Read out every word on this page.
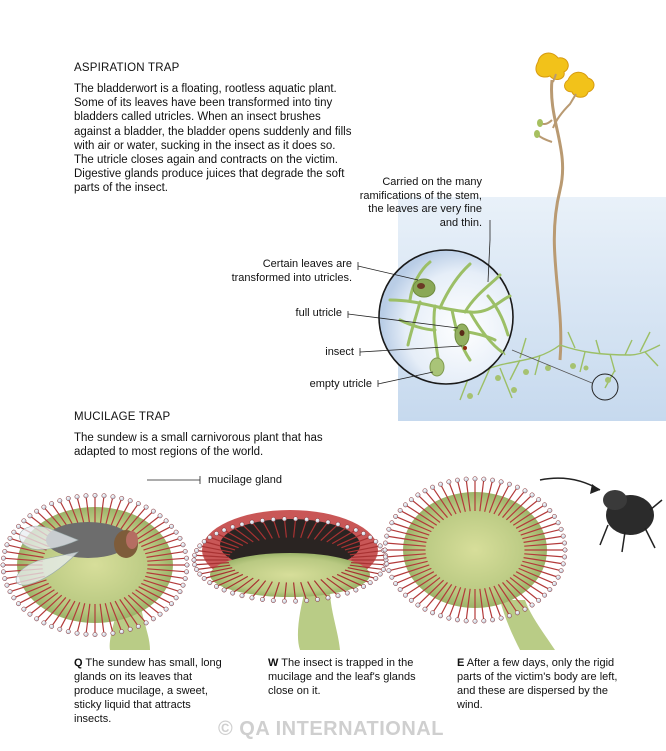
ASPIRATION TRAP
The bladderwort is a floating, rootless aquatic plant. Some of its leaves have been transformed into tiny bladders called utricles. When an insect brushes against a bladder, the bladder opens suddenly and fills with air or water, sucking in the insect as it does so. The utricle closes again and contracts on the victim. Digestive glands produce juices that degrade the soft parts of the insect.
Carried on the many ramifications of the stem, the leaves are very fine and thin.
Certain leaves are transformed into utricles.
full utricle
insect
empty utricle
MUCILAGE TRAP
The sundew is a small carnivorous plant that has adapted to most regions of the world.
mucilage gland
Q The sundew has small, long glands on its leaves that produce mucilage, a sweet, sticky liquid that attracts insects.
W The insect is trapped in the mucilage and the leaf's glands close on it.
E After a few days, only the rigid parts of the victim's body are left, and these are dispersed by the wind.
© QA INTERNATIONAL
